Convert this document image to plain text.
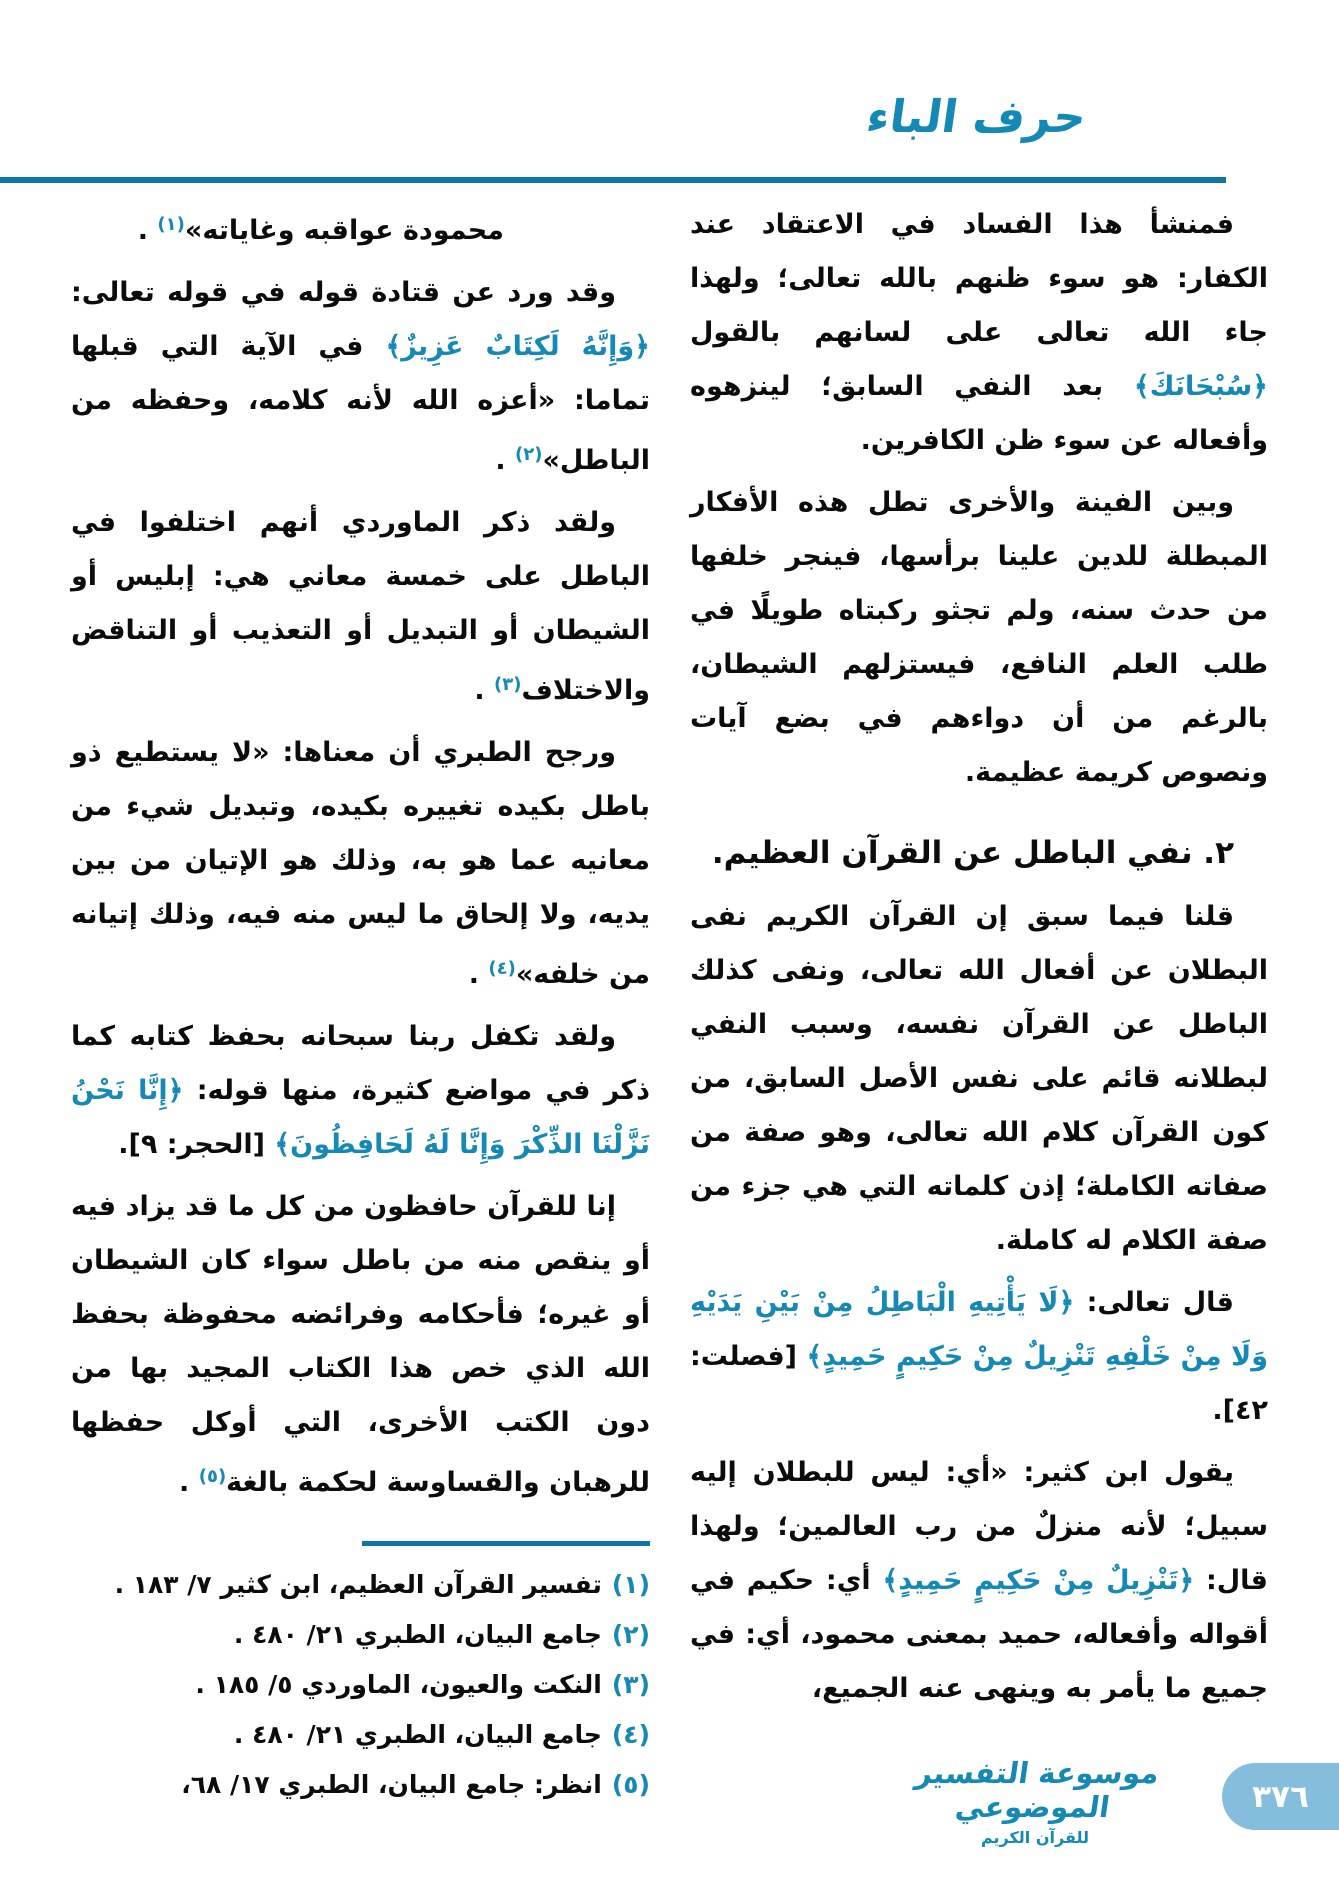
حرف الباء

فمنشأ هذا الفساد في الاعتقاد عند الكفار: هو سوء ظنهم بالله تعالى؛ ولهذا جاء الله تعالى على لسانهم بالقول ﴿سُبْحَانَكَ﴾ بعد النفي السابق؛ لينزهوه وأفعاله عن سوء ظن الكافرين.

وبين الفينة والأخرى تطل هذه الأفكار المبطلة للدين علينا برأسها، فينجر خلفها من حدث سنه، ولم تجثو ركبتاه طويلًا في طلب العلم النافع، فيستزلهم الشيطان، بالرغم من أن دواءهم في بضع آيات ونصوص كريمة عظيمة.

٢. نفي الباطل عن القرآن العظيم.

قلنا فيما سبق إن القرآن الكريم نفى البطلان عن أفعال الله تعالى، ونفى كذلك الباطل عن القرآن نفسه، وسبب النفي لبطلانه قائم على نفس الأصل السابق، من كون القرآن كلام الله تعالى، وهو صفة من صفاته الكاملة؛ إذن كلماته التي هي جزء من صفة الكلام له كاملة.

قال تعالى: ﴿لَا يَأْتِيهِ الْبَاطِلُ مِنْ بَيْنِ يَدَيْهِ وَلَا مِنْ خَلْفِهِ تَنْزِيلٌ مِنْ حَكِيمٍ حَمِيدٍ﴾ [فصلت: ٤٢].

يقول ابن كثير: «أي: ليس للبطلان إليه سبيل؛ لأنه منزلٌ من رب العالمين؛ ولهذا قال: ﴿تَنْزِيلٌ مِنْ حَكِيمٍ حَمِيدٍ﴾ أي: حكيم في أقواله وأفعاله، حميد بمعنى محمود، أي: في جميع ما يأمر به وينهى عنه الجميع،

محمودة عواقبه وغاياته»$^{(١)}$ .

وقد ورد عن قتادة قوله في قوله تعالى: ﴿وَإِنَّهُ لَكِتَابٌ عَزِيزٌ﴾ في الآية التي قبلها تماما: «أعزه الله لأنه كلامه، وحفظه من الباطل»$^{(٢)}$ .

ولقد ذكر الماوردي أنهم اختلفوا في الباطل على خمسة معاني هي: إبليس أو الشيطان أو التبديل أو التعذيب أو التناقض والاختلاف$^{(٣)}$ .

ورجح الطبري أن معناها: «لا يستطيع ذو باطل بكيده تغييره بكيده، وتبديل شيء من معانيه عما هو به، وذلك هو الإتيان من بين يديه، ولا إلحاق ما ليس منه فيه، وذلك إتيانه من خلفه»$^{(٤)}$ .

ولقد تكفل ربنا سبحانه بحفظ كتابه كما ذكر في مواضع كثيرة، منها قوله: ﴿إِنَّا نَحْنُ نَزَّلْنَا الذِّكْرَ وَإِنَّا لَهُ لَحَافِظُونَ﴾ [الحجر: ٩].

إنا للقرآن حافظون من كل ما قد يزاد فيه أو ينقص منه من باطل سواء كان الشيطان أو غيره؛ فأحكامه وفرائضه محفوظة بحفظ الله الذي خص هذا الكتاب المجيد بها من دون الكتب الأخرى، التي أوكل حفظها للرهبان والقساوسة لحكمة بالغة$^{(٥)}$ .

(١)
تفسير القرآن العظيم، ابن كثير ٧/ ١٨٣ .
(٢)
جامع البيان، الطبري ٢١/ ٤٨٠ .
(٣)
النكت والعيون، الماوردي ٥/ ١٨٥ .
(٤)
جامع البيان، الطبري ٢١/ ٤٨٠ .
(٥)
انظر: جامع البيان، الطبري ١٧/ ٦٨،	موسوعة التفسير الموضوعي
للقرآن الكريم
٣٧٦
